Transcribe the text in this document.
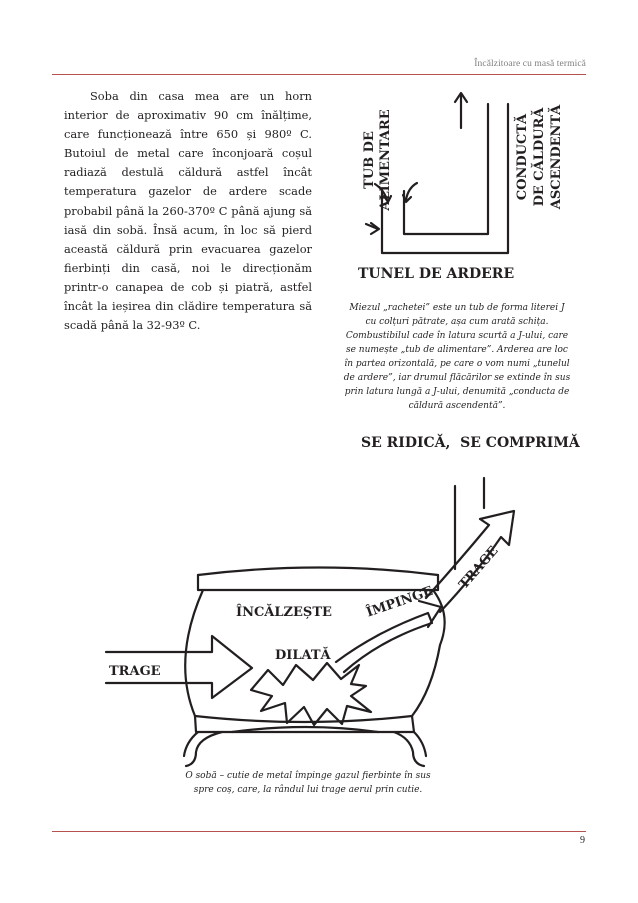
Încălzitoare cu masă termică

Soba din casa mea are un horn interior de aproximativ 90 cm înălțime, care funcționează între 650 și 980º C. Butoiul de metal care înconjoară coșul radiază destulă căldură astfel încât temperatura gazelor de ardere scade probabil până la 260-370º C până ajung să iasă din sobă. Însă acum, în loc să pierd această căldură prin evacuarea gazelor fierbinți din casă, noi le direcționăm printr-o canapea de cob și piatră, astfel încât la ieșirea din clădire temperatura să scadă până la 32-93º C.

TUB DE ALIMENTARE	CONDUCTĂ DE CĂLDURĂ ASCENDENTĂ
TUNEL DE ARDERE

Miezul „rachetei” este un tub de forma literei J cu colțuri pătrate, așa cum arată schița. Combustibilul cade în latura scurtă a J-ului, care se numește „tub de alimentare”. Arderea are loc în partea orizontală, pe care o vom numi „tunelul de ardere”, iar drumul flăcărilor se extinde în sus prin latura lungă a J-ului, denumită „conducta de căldură ascendentă”.

SE RIDICĂ,  SE COMPRIMĂ
ÎNCĂLZEȘTE	ÎMPINGE
TRAGE
TRAGE
DILATĂ

O sobă – cutie de metal împinge gazul fierbinte în sus spre coș, care, la rândul lui trage aerul prin cutie.

9
